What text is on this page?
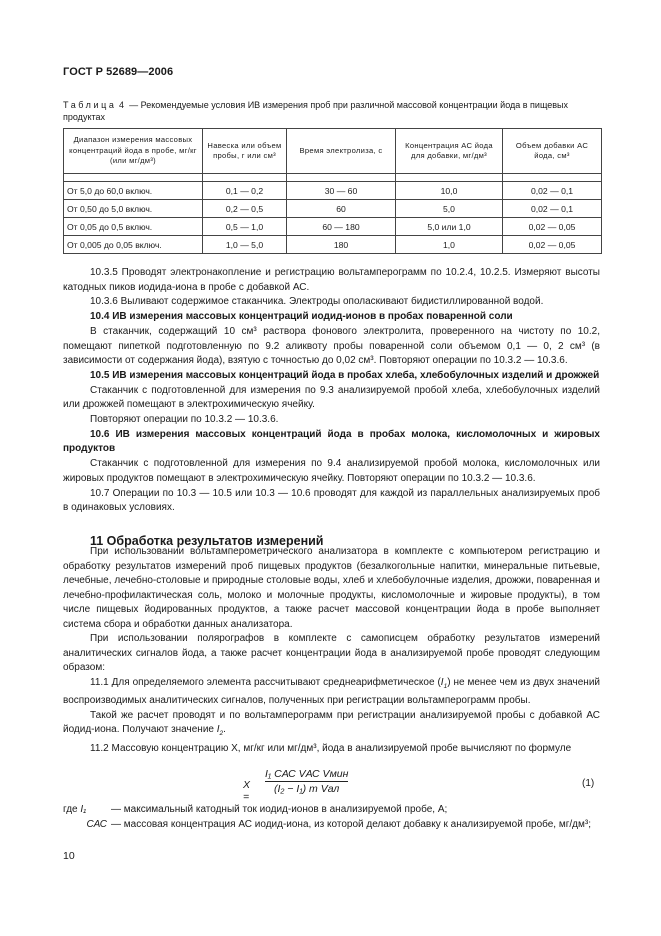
ГОСТ Р 52689—2006
Таблица 4 — Рекомендуемые условия ИВ измерения проб при различной массовой концентрации йода в пищевых продуктах
Диапазон измерения массовых концентраций йода в пробе, мг/кг (или мг/дм³)	Навеска или объем пробы, г или см³	Время электролиза, с	Концентрация АС йода для добавки, мг/дм³	Объем добавки АС йода, см³

От 5,0 до 60,0 включ.	0,1 — 0,2	30 — 60	10,0	0,02 — 0,1
От 0,50 до 5,0 включ.	0,2 — 0,5	60	5,0	0,02 — 0,1
От 0,05 до 0,5 включ.	0,5 — 1,0	60 — 180	5,0 или 1,0	0,02 — 0,05
От 0,005 до 0,05 включ.	1,0 — 5,0	180	1,0	0,02 — 0,05

10.3.5 Проводят электронакопление и регистрацию вольтамперограмм по 10.2.4, 10.2.5. Измеряют высоты катодных пиков иодида-иона в пробе с добавкой АС.

10.3.6 Выливают содержимое стаканчика. Электроды ополаскивают бидистиллированной водой.

10.4 ИВ измерения массовых концентраций иодид-ионов в пробах поваренной соли

В стаканчик, содержащий 10 см³ раствора фонового электролита, проверенного на чистоту по 10.2, помещают пипеткой подготовленную по 9.2 аликвоту пробы поваренной соли объемом 0,1 — 0, 2 см³ (в зависимости от содержания йода), взятую с точностью до 0,02 см³. Повторяют операции по 10.3.2 — 10.3.6.

10.5 ИВ измерения массовых концентраций йода в пробах хлеба, хлебобулочных изделий и дрожжей

Стаканчик с подготовленной для измерения по 9.3 анализируемой пробой хлеба, хлебобулочных изделий или дрожжей помещают в электрохимическую ячейку.

Повторяют операции по 10.3.2 — 10.3.6.

10.6 ИВ измерения массовых концентраций йода в пробах молока, кисломолочных и жировых продуктов

Стаканчик с подготовленной для измерения по 9.4 анализируемой пробой молока, кисломолочных или жировых продуктов помещают в электрохимическую ячейку. Повторяют операции по 10.3.2 — 10.3.6.

10.7 Операции по 10.3 — 10.5 или 10.3 — 10.6 проводят для каждой из параллельных анализируемых проб в одинаковых условиях.

11 Обработка результатов измерений

При использовании вольтамперометрического анализатора в комплекте с компьютером регистрацию и обработку результатов измерений проб пищевых продуктов (безалкогольные напитки, минеральные питьевые, лечебные, лечебно-столовые и природные столовые воды, хлеб и хлебобулочные изделия, дрожжи, поваренная и лечебно-профилактическая соль, молоко и молочные продукты, кисломолочные и жировые продукты), в том числе пищевых йодированных продуктов, а также расчет массовой концентрации йода в пробе выполняет система сбора и обработки данных анализатора.

При использовании полярографов в комплекте с самописцем обработку результатов измерений аналитических сигналов йода, а также расчет концентрации йода в анализируемой пробе проводят следующим образом:

11.1 Для определяемого элемента рассчитывают среднеарифметическое $(I_1)$ не менее чем из двух значений воспроизводимых аналитических сигналов, полученных при регистрации вольтамперограмм пробы.

Такой же расчет проводят и по вольтамперограмм при регистрации анализируемой пробы с добавкой АС йодид-иона. Получают значение $I_2$.

11.2 Массовую концентрацию X, мг/кг или мг/дм³, йода в анализируемой пробе вычисляют по формуле

X =
I₁ CАС VАС Vмин
(I₂ − I₁) m Vал	(1)
где I₁	— максимальный катодный ток иодид-ионов в анализируемой пробе, А;
CАС — массовая концентрация АС иодид-иона, из которой делают добавку к анализируемой пробе, мг/дм³;
10
